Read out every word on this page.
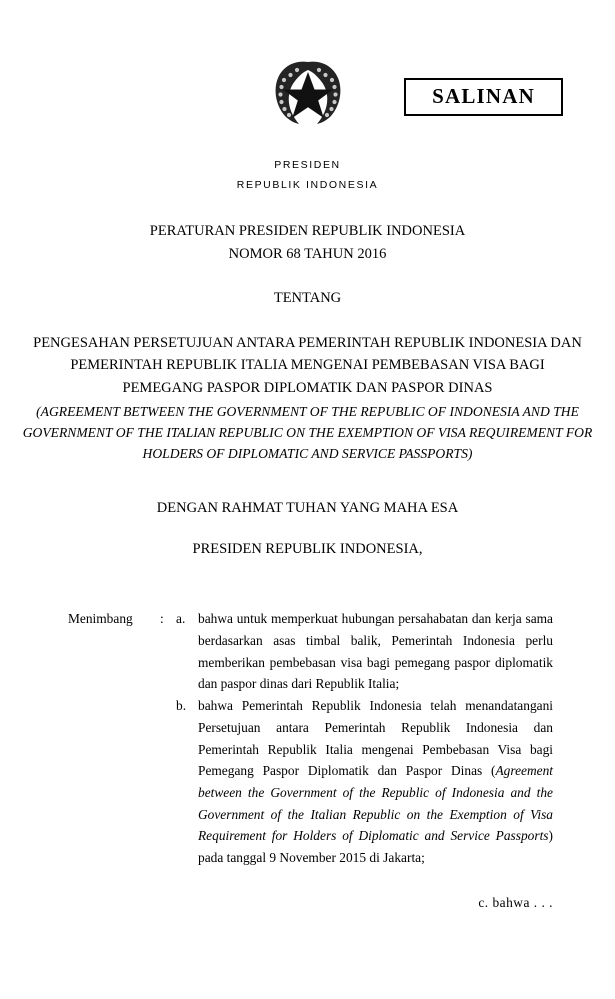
SALINAN
PRESIDEN
REPUBLIK INDONESIA
PERATURAN PRESIDEN REPUBLIK INDONESIA
NOMOR 68 TAHUN 2016
TENTANG
PENGESAHAN PERSETUJUAN ANTARA PEMERINTAH REPUBLIK INDONESIA DAN
PEMERINTAH REPUBLIK ITALIA MENGENAI PEMBEBASAN VISA BAGI
PEMEGANG PASPOR DIPLOMATIK DAN PASPOR DINAS
(AGREEMENT BETWEEN THE GOVERNMENT OF THE REPUBLIC OF INDONESIA AND THE GOVERNMENT OF THE ITALIAN REPUBLIC ON THE EXEMPTION OF VISA REQUIREMENT FOR HOLDERS OF DIPLOMATIC AND SERVICE PASSPORTS)
DENGAN RAHMAT TUHAN YANG MAHA ESA
PRESIDEN REPUBLIK INDONESIA,
Menimbang	: a. bahwa untuk memperkuat hubungan persahabatan dan kerja sama berdasarkan asas timbal balik, Pemerintah Indonesia perlu memberikan pembebasan visa bagi pemegang paspor diplomatik dan paspor dinas dari Republik Italia;
b. bahwa Pemerintah Republik Indonesia telah menandatangani Persetujuan antara Pemerintah Republik Indonesia dan Pemerintah Republik Italia mengenai Pembebasan Visa bagi Pemegang Paspor Diplomatik dan Paspor Dinas (Agreement between the Government of the Republic of Indonesia and the Government of the Italian Republic on the Exemption of Visa Requirement for Holders of Diplomatic and Service Passports) pada tanggal 9 November 2015 di Jakarta;
c. bahwa . . .
